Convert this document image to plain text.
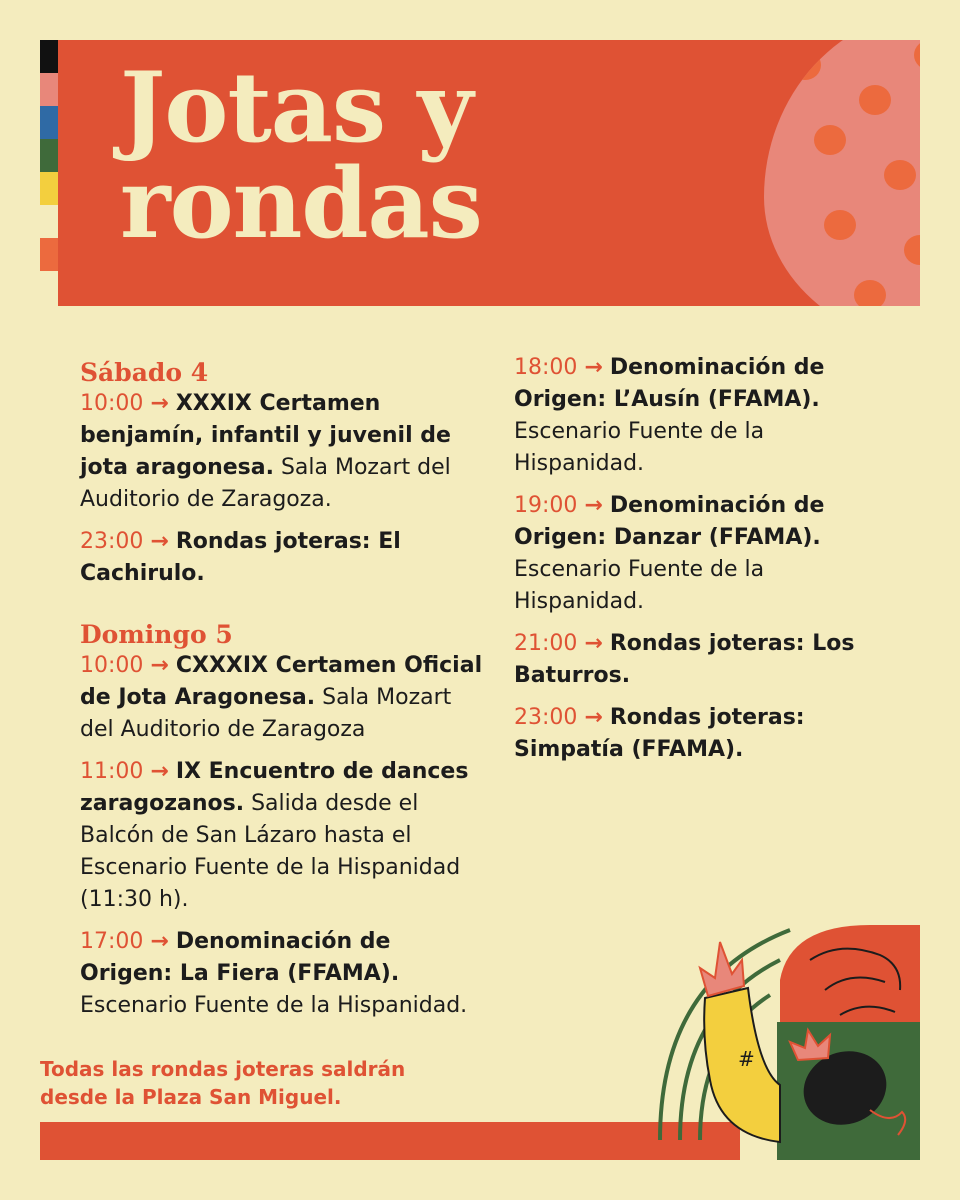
Jotas y
rondas

Sábado 4

10:00 → XXXIX Certamen benjamín, infantil y juvenil de jota aragonesa. Sala Mozart del Auditorio de Zaragoza.

23:00 → Rondas joteras: El Cachirulo.

Domingo 5

10:00 → CXXXIX Certamen Oficial de Jota Aragonesa. Sala Mozart del Auditorio de Zaragoza

11:00 → IX Encuentro de dances zaragozanos. Salida desde el Balcón de San Lázaro hasta el Escenario Fuente de la Hispanidad (11:30 h).

17:00 → Denominación de Origen: La Fiera (FFAMA). Escenario Fuente de la Hispanidad.

18:00 → Denominación de Origen: L’Ausín (FFAMA). Escenario Fuente de la Hispanidad.

19:00 → Denominación de Origen: Danzar (FFAMA). Escenario Fuente de la Hispanidad.

21:00 → Rondas joteras: Los Baturros.

23:00 → Rondas joteras: Simpatía (FFAMA).

Todas las rondas joteras saldrán desde la Plaza San Miguel.
#
